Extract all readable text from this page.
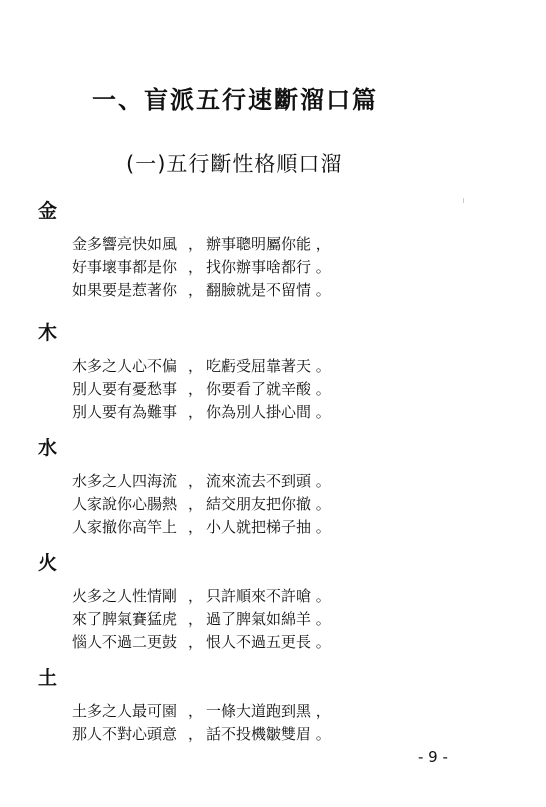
一、盲派五行速斷溜口篇
(一)五行斷性格順口溜
金
金多響亮快如風 ， 辦事聰明屬你能 ，
好事壞事都是你 ， 找你辦事啥都行 。
如果要是惹著你 ， 翻臉就是不留情 。
木
木多之人心不偏 ， 吃虧受屈靠著天 。
別人要有憂愁事 ， 你要看了就辛酸 。
別人要有為難事 ， 你為別人掛心間 。
水
水多之人四海流 ， 流來流去不到頭 。
人家說你心腸熱 ， 結交朋友把你撤 。
人家撤你高竿上 ， 小人就把梯子抽 。
火
火多之人性情剛 ， 只許順來不許嗆 。
來了脾氣賽猛虎 ， 過了脾氣如綿羊 。
惱人不過二更鼓 ， 恨人不過五更長 。
土
土多之人最可園 ， 一條大道跑到黑 ，
那人不對心頭意 ， 話不投機皺雙眉 。
- 9 -
